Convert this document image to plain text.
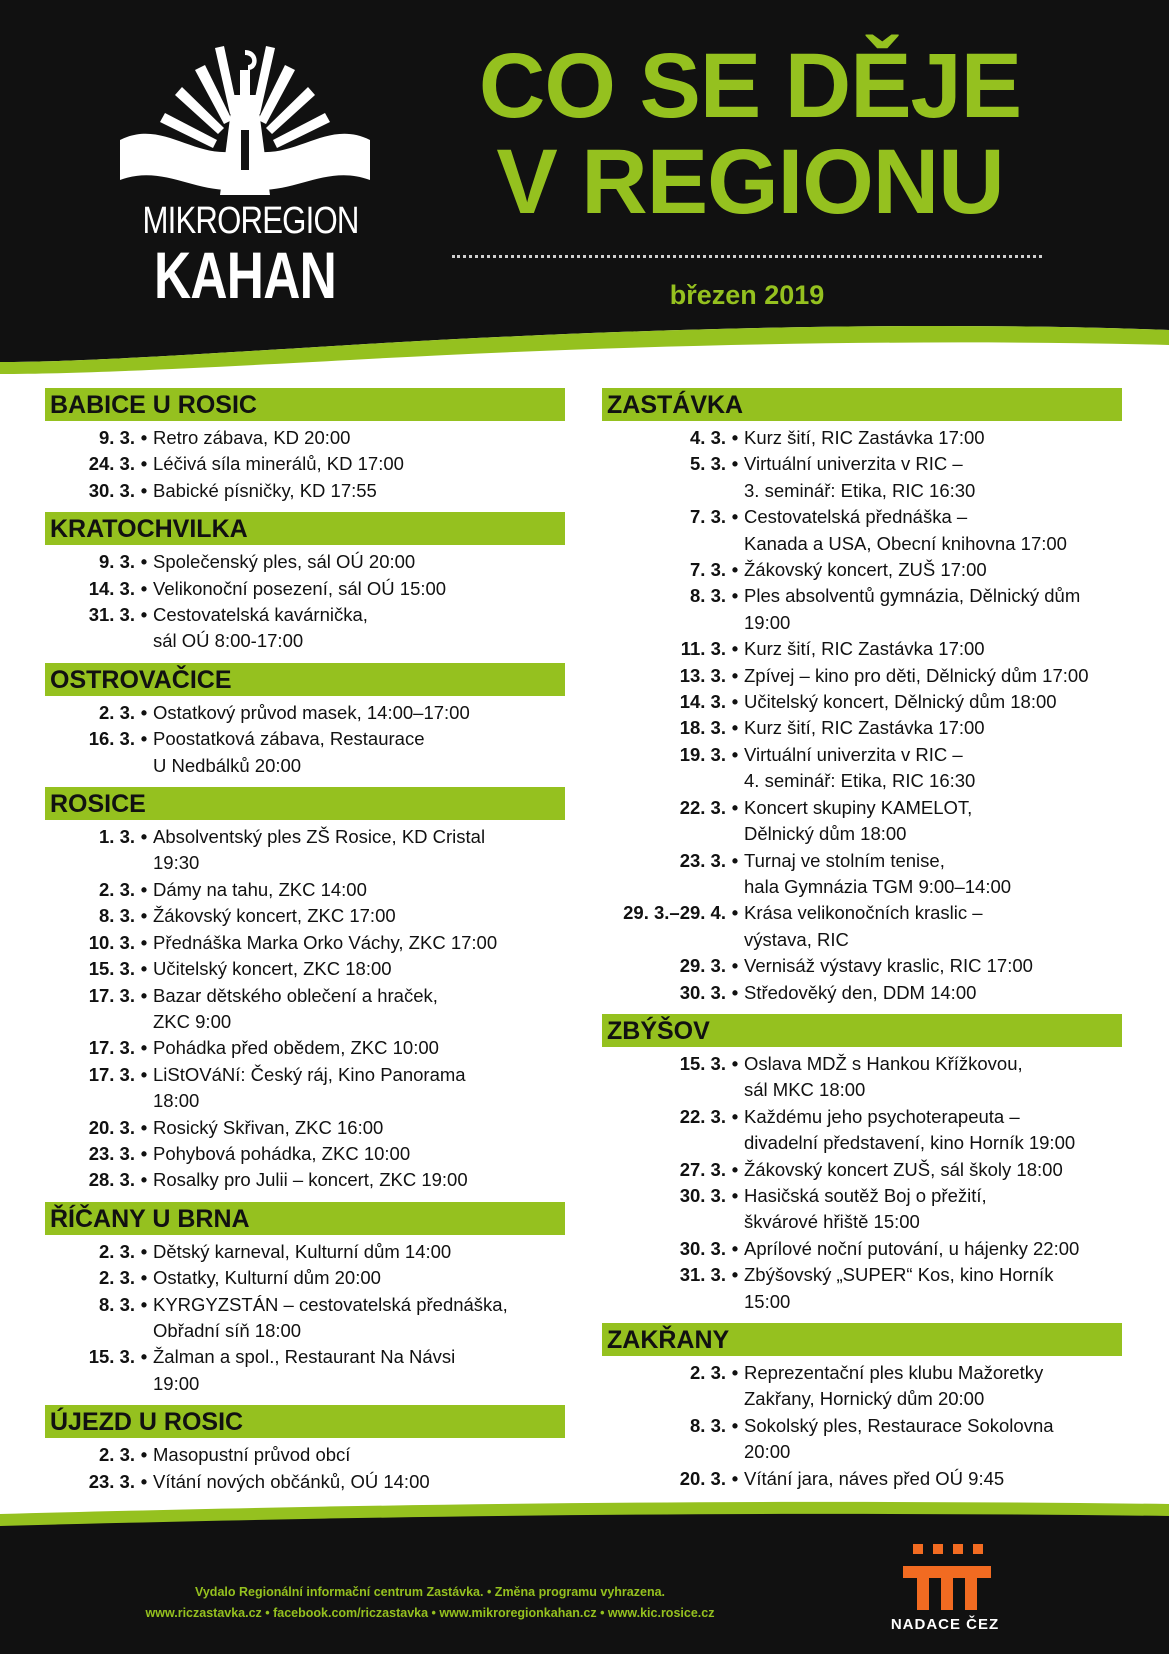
MIKROREGION
KAHAN
CO SE DĚJE
V REGIONU
březen 2019
BABICE U ROSIC
9. 3. • Retro zábava, KD 20:00
24. 3. • Léčivá síla minerálů, KD 17:00
30. 3. • Babické písničky, KD 17:55
KRATOCHVILKA
9. 3. • Společenský ples, sál OÚ 20:00
14. 3. • Velikonoční posezení, sál OÚ 15:00
31. 3. • Cestovatelská kavárnička,
sál OÚ 8:00-17:00
OSTROVAČICE
2. 3. • Ostatkový průvod masek, 14:00–17:00
16. 3. • Poostatková zábava, Restaurace
U Nedbálků 20:00
ROSICE
1. 3. • Absolventský ples ZŠ Rosice, KD Cristal
19:30
2. 3. • Dámy na tahu, ZKC 14:00
8. 3. • Žákovský koncert, ZKC 17:00
10. 3. • Přednáška Marka Orko Váchy, ZKC 17:00
15. 3. • Učitelský koncert, ZKC 18:00
17. 3. • Bazar dětského oblečení a hraček,
ZKC 9:00
17. 3. • Pohádka před obědem, ZKC 10:00
17. 3. • LiStOVáNí: Český ráj, Kino Panorama
18:00
20. 3. • Rosický Skřivan, ZKC 16:00
23. 3. • Pohybová pohádka, ZKC 10:00
28. 3. • Rosalky pro Julii – koncert, ZKC 19:00
ŘÍČANY U BRNA
2. 3. • Dětský karneval, Kulturní dům 14:00
2. 3. • Ostatky, Kulturní dům 20:00
8. 3. • KYRGYZSTÁN – cestovatelská přednáška,
Obřadní síň 18:00
15. 3. • Žalman a spol., Restaurant Na Návsi
19:00
ÚJEZD U ROSIC
2. 3. • Masopustní průvod obcí
23. 3. • Vítání nových občánků, OÚ 14:00
ZASTÁVKA
4. 3. • Kurz šití, RIC Zastávka 17:00
5. 3. • Virtuální univerzita v RIC –
3. seminář: Etika, RIC 16:30
7. 3. • Cestovatelská přednáška –
Kanada a USA, Obecní knihovna 17:00
7. 3. • Žákovský koncert, ZUŠ 17:00
8. 3. • Ples absolventů gymnázia, Dělnický dům
19:00
11. 3. • Kurz šití, RIC Zastávka 17:00
13. 3. • Zpívej – kino pro děti, Dělnický dům 17:00
14. 3. • Učitelský koncert, Dělnický dům 18:00
18. 3. • Kurz šití, RIC Zastávka 17:00
19. 3. • Virtuální univerzita v RIC –
4. seminář: Etika, RIC 16:30
22. 3. • Koncert skupiny KAMELOT,
Dělnický dům 18:00
23. 3. • Turnaj ve stolním tenise,
hala Gymnázia TGM 9:00–14:00
29. 3.–29. 4. • Krása velikonočních kraslic –
výstava, RIC
29. 3. • Vernisáž výstavy kraslic, RIC 17:00
30. 3. • Středověký den, DDM 14:00
ZBÝŠOV
15. 3. • Oslava MDŽ s Hankou Křížkovou,
sál MKC 18:00
22. 3. • Každému jeho psychoterapeuta –
divadelní představení, kino Horník 19:00
27. 3. • Žákovský koncert ZUŠ, sál školy 18:00
30. 3. • Hasičská soutěž Boj o přežití,
škvárové hřiště 15:00
30. 3. • Aprílové noční putování, u hájenky 22:00
31. 3. • Zbýšovský „SUPER“ Kos, kino Horník
15:00
ZAKŘANY
2. 3. • Reprezentační ples klubu Mažoretky
Zakřany, Hornický dům 20:00
8. 3. • Sokolský ples, Restaurace Sokolovna
20:00
20. 3. • Vítání jara, náves před OÚ 9:45
Vydalo Regionální informační centrum Zastávka. • Změna programu vyhrazena.
www.riczastavka.cz • facebook.com/riczastavka • www.mikroregionkahan.cz • www.kic.rosice.cz
NADACE ČEZ
